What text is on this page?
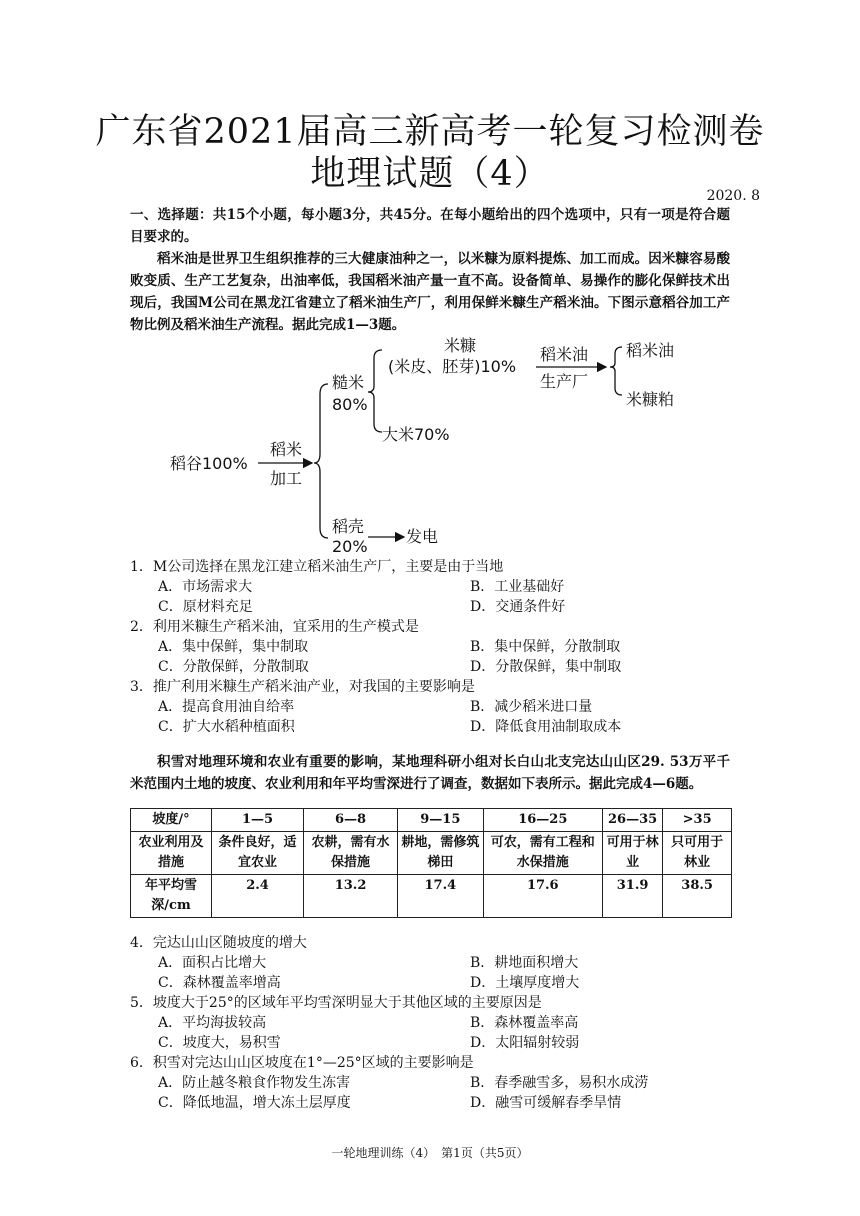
广东省2021届高三新高考一轮复习检测卷
地理试题（4）
2020. 8
一、选择题：共15个小题，每小题3分，共45分。在每小题给出的四个选项中，只有一项是符合题目要求的。
稻米油是世界卫生组织推荐的三大健康油种之一，以米糠为原料提炼、加工而成。因米糠容易酸败变质、生产工艺复杂，出油率低，我国稻米油产量一直不高。设备简单、易操作的膨化保鲜技术出现后，我国M公司在黑龙江省建立了稻米油生产厂，利用保鲜米糠生产稻米油。下图示意稻谷加工产物比例及稻米油生产流程。据此完成1—3题。
稻谷100%
稻米
加工
糙米
80%
米糠
(米皮、胚芽)10%
大米70%
稻米油
生产厂
稻米油
米糠粕
稻壳
20%
发电
1．M公司选择在黑龙江建立稻米油生产厂，主要是由于当地
A．市场需求大	B．工业基础好
C．原材料充足	D．交通条件好
2．利用米糠生产稻米油，宜采用的生产模式是
A．集中保鲜，集中制取	B．集中保鲜，分散制取
C．分散保鲜，分散制取	D．分散保鲜，集中制取
3．推广利用米糠生产稻米油产业，对我国的主要影响是
A．提高食用油自给率	B．减少稻米进口量
C．扩大水稻种植面积	D．降低食用油制取成本
积雪对地理环境和农业有重要的影响，某地理科研小组对长白山北支完达山山区29. 53万平千米范围内土地的坡度、农业利用和年平均雪深进行了调查，数据如下表所示。据此完成4—6题。
坡度/°	1—5	6—8	9—15	16—25	26—35	>35
农业利用及措施	条件良好，适宜农业	农耕，需有水保措施	耕地，需修筑梯田	可农，需有工程和水保措施	可用于林业	只可用于林业
年平均雪深/cm	2.4	13.2	17.4	17.6	31.9	38.5
4．完达山山区随坡度的增大
A．面积占比增大	B．耕地面积增大
C．森林覆盖率增高	D．土壤厚度增大
5．坡度大于25°的区域年平均雪深明显大于其他区域的主要原因是
A．平均海拔较高	B．森林覆盖率高
C．坡度大，易积雪	D．太阳辐射较弱
6．积雪对完达山山区坡度在1°—25°区域的主要影响是
A．防止越冬粮食作物发生冻害	B．春季融雪多，易积水成涝
C．降低地温，增大冻土层厚度	D．融雪可缓解春季旱情
一轮地理训练（4）　第1页（共5页）
